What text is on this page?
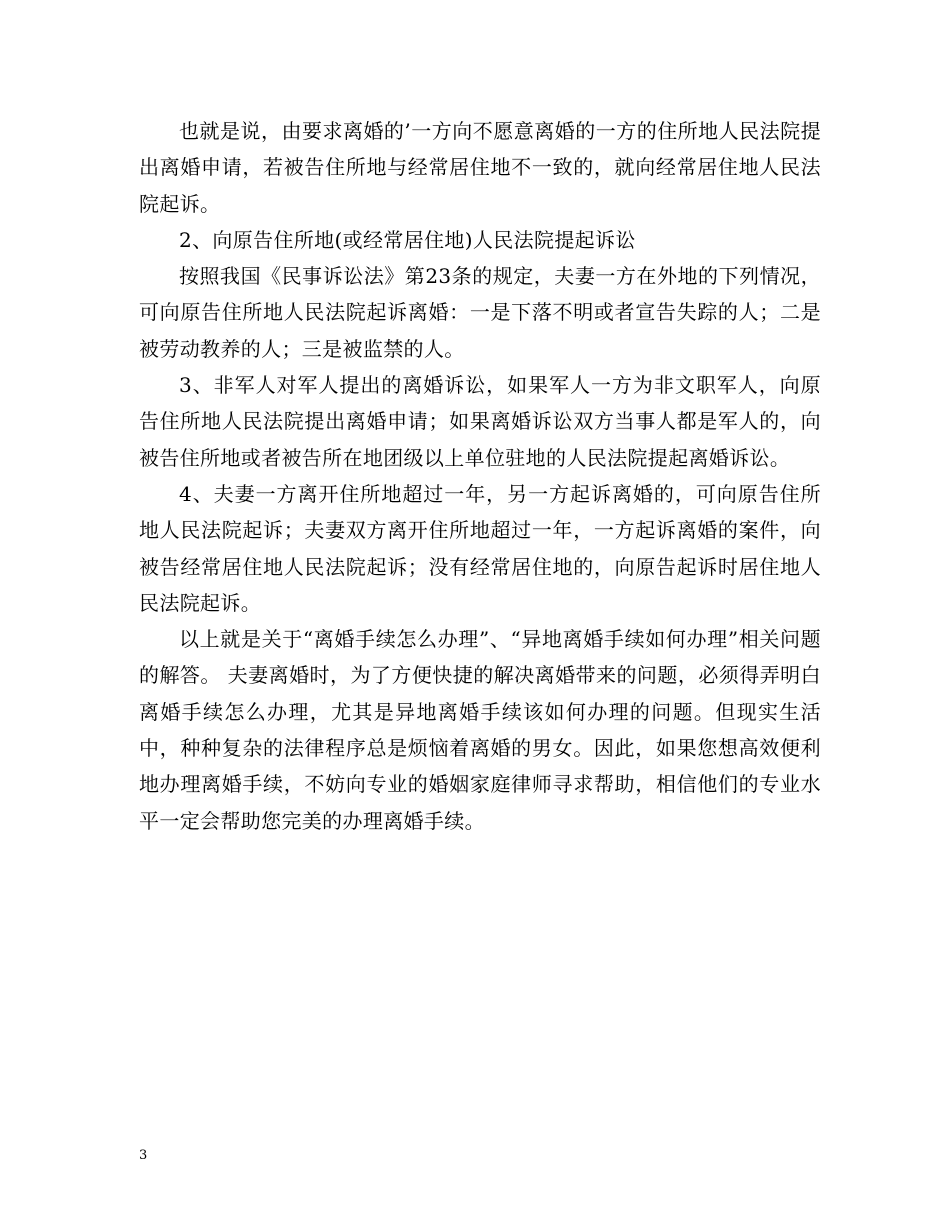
也就是说，由要求离婚的’一方向不愿意离婚的一方的住所地人民法院提出离婚申请，若被告住所地与经常居住地不一致的，就向经常居住地人民法院起诉。

2、向原告住所地(或经常居住地)人民法院提起诉讼

按照我国《民事诉讼法》第23条的规定，夫妻一方在外地的下列情况，可向原告住所地人民法院起诉离婚：一是下落不明或者宣告失踪的人；二是被劳动教养的人；三是被监禁的人。

3、非军人对军人提出的离婚诉讼，如果军人一方为非文职军人，向原告住所地人民法院提出离婚申请；如果离婚诉讼双方当事人都是军人的，向被告住所地或者被告所在地团级以上单位驻地的人民法院提起离婚诉讼。

4、夫妻一方离开住所地超过一年，另一方起诉离婚的，可向原告住所地人民法院起诉；夫妻双方离开住所地超过一年，一方起诉离婚的案件，向被告经常居住地人民法院起诉；没有经常居住地的，向原告起诉时居住地人民法院起诉。

以上就是关于“离婚手续怎么办理”、“异地离婚手续如何办理”相关问题的解答。 夫妻离婚时，为了方便快捷的解决离婚带来的问题，必须得弄明白离婚手续怎么办理，尤其是异地离婚手续该如何办理的问题。但现实生活中，种种复杂的法律程序总是烦恼着离婚的男女。因此，如果您想高效便利地办理离婚手续，不妨向专业的婚姻家庭律师寻求帮助，相信他们的专业水平一定会帮助您完美的办理离婚手续。

3
